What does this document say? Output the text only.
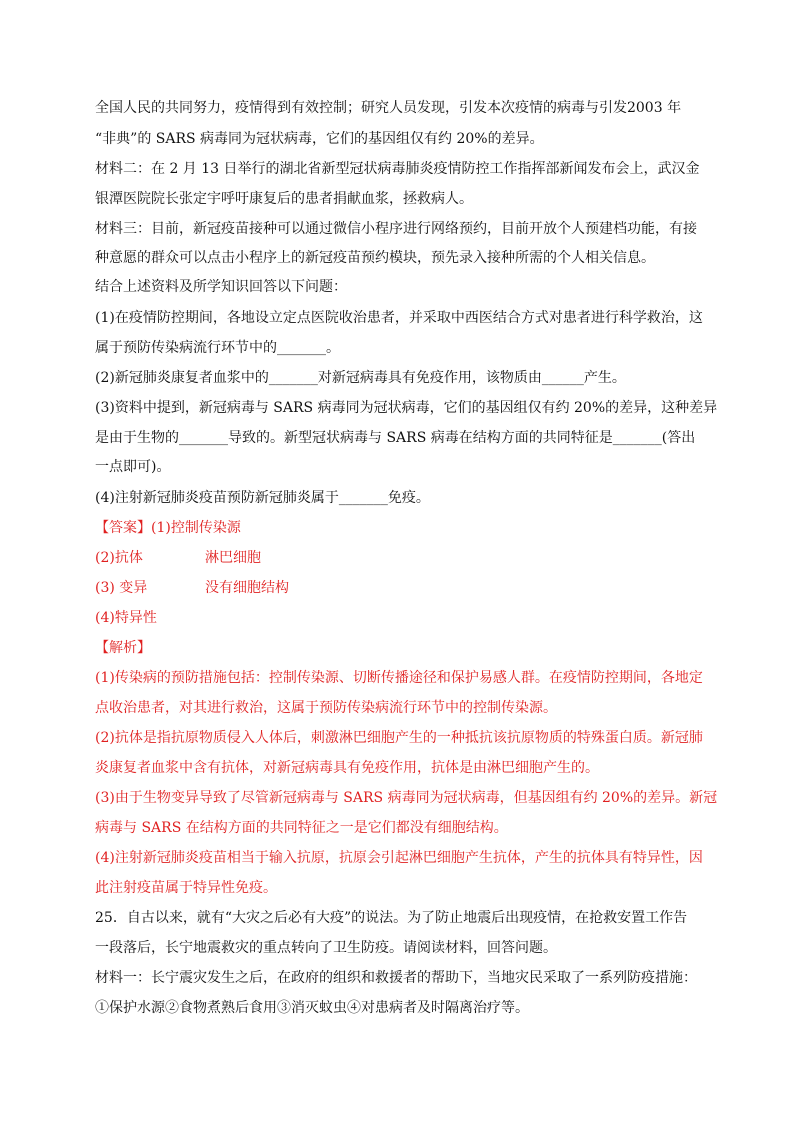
全国人民的共同努力，疫情得到有效控制；研究人员发现，引发本次疫情的病毒与引发2003 年
“非典”的 SARS 病毒同为冠状病毒，它们的基因组仅有约 20%的差异。
材料二：在 2 月 13 日举行的湖北省新型冠状病毒肺炎疫情防控工作指挥部新闻发布会上，武汉金
银潭医院院长张定宇呼吁康复后的患者捐献血浆，拯救病人。
材料三：目前，新冠疫苗接种可以通过微信小程序进行网络预约，目前开放个人预建档功能，有接
种意愿的群众可以点击小程序上的新冠疫苗预约模块，预先录入接种所需的个人相关信息。
结合上述资料及所学知识回答以下问题：
(1)在疫情防控期间，各地设立定点医院收治患者，并采取中西医结合方式对患者进行科学救治，这
属于预防传染病流行环节中的_______。
(2)新冠肺炎康复者血浆中的_______对新冠病毒具有免疫作用，该物质由______产生。
(3)资料中提到，新冠病毒与 SARS 病毒同为冠状病毒，它们的基因组仅有约 20%的差异，这种差异
是由于生物的_______导致的。新型冠状病毒与 SARS 病毒在结构方面的共同特征是_______(答出
一点即可)。
(4)注射新冠肺炎疫苗预防新冠肺炎属于_______免疫。
【答案】(1)控制传染源
(2)抗体	淋巴细胞
(3) 变异	没有细胞结构
(4)特异性
【解析】
(1)传染病的预防措施包括：控制传染源、切断传播途径和保护易感人群。在疫情防控期间，各地定
点收治患者，对其进行救治，这属于预防传染病流行环节中的控制传染源。
(2)抗体是指抗原物质侵入人体后，刺激淋巴细胞产生的一种抵抗该抗原物质的特殊蛋白质。新冠肺
炎康复者血浆中含有抗体，对新冠病毒具有免疫作用，抗体是由淋巴细胞产生的。
(3)由于生物变异导致了尽管新冠病毒与 SARS 病毒同为冠状病毒，但基因组有约 20%的差异。新冠
病毒与 SARS 在结构方面的共同特征之一是它们都没有细胞结构。
(4)注射新冠肺炎疫苗相当于输入抗原，抗原会引起淋巴细胞产生抗体，产生的抗体具有特异性，因
此注射疫苗属于特异性免疫。
25．自古以来，就有“大灾之后必有大疫”的说法。为了防止地震后出现疫情，在抢救安置工作告
一段落后，长宁地震救灾的重点转向了卫生防疫。请阅读材料，回答问题。
材料一：长宁震灾发生之后，在政府的组织和救援者的帮助下，当地灾民采取了一系列防疫措施：
①保护水源②食物煮熟后食用③消灭蚊虫④对患病者及时隔离治疗等。
